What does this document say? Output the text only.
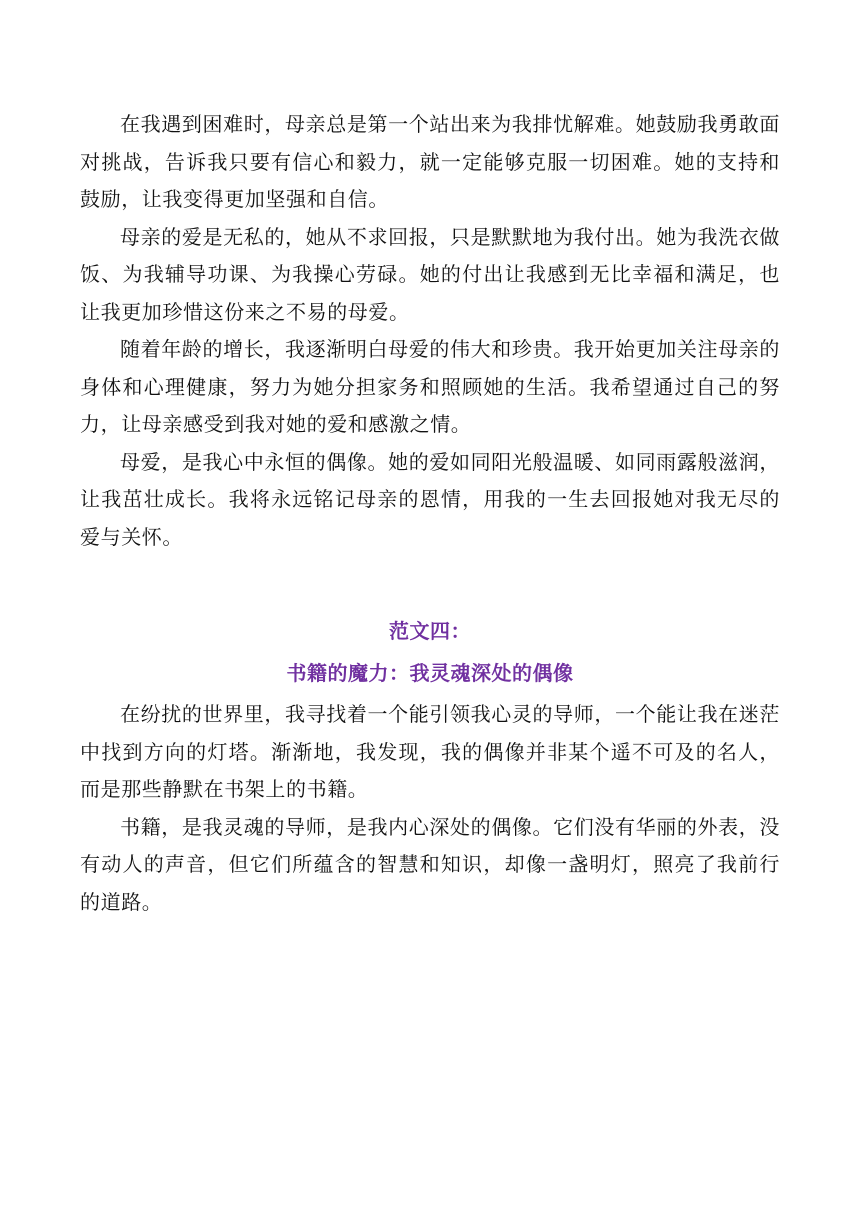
在我遇到困难时，母亲总是第一个站出来为我排忧解难。她鼓励我勇敢面对挑战，告诉我只要有信心和毅力，就一定能够克服一切困难。她的支持和鼓励，让我变得更加坚强和自信。

母亲的爱是无私的，她从不求回报，只是默默地为我付出。她为我洗衣做饭、为我辅导功课、为我操心劳碌。她的付出让我感到无比幸福和满足，也让我更加珍惜这份来之不易的母爱。

随着年龄的增长，我逐渐明白母爱的伟大和珍贵。我开始更加关注母亲的身体和心理健康，努力为她分担家务和照顾她的生活。我希望通过自己的努力，让母亲感受到我对她的爱和感激之情。

母爱，是我心中永恒的偶像。她的爱如同阳光般温暖、如同雨露般滋润，让我茁壮成长。我将永远铭记母亲的恩情，用我的一生去回报她对我无尽的爱与关怀。

范文四：
书籍的魔力：我灵魂深处的偶像

在纷扰的世界里，我寻找着一个能引领我心灵的导师，一个能让我在迷茫中找到方向的灯塔。渐渐地，我发现，我的偶像并非某个遥不可及的名人，而是那些静默在书架上的书籍。

书籍，是我灵魂的导师，是我内心深处的偶像。它们没有华丽的外表，没有动人的声音，但它们所蕴含的智慧和知识，却像一盏明灯，照亮了我前行的道路。
